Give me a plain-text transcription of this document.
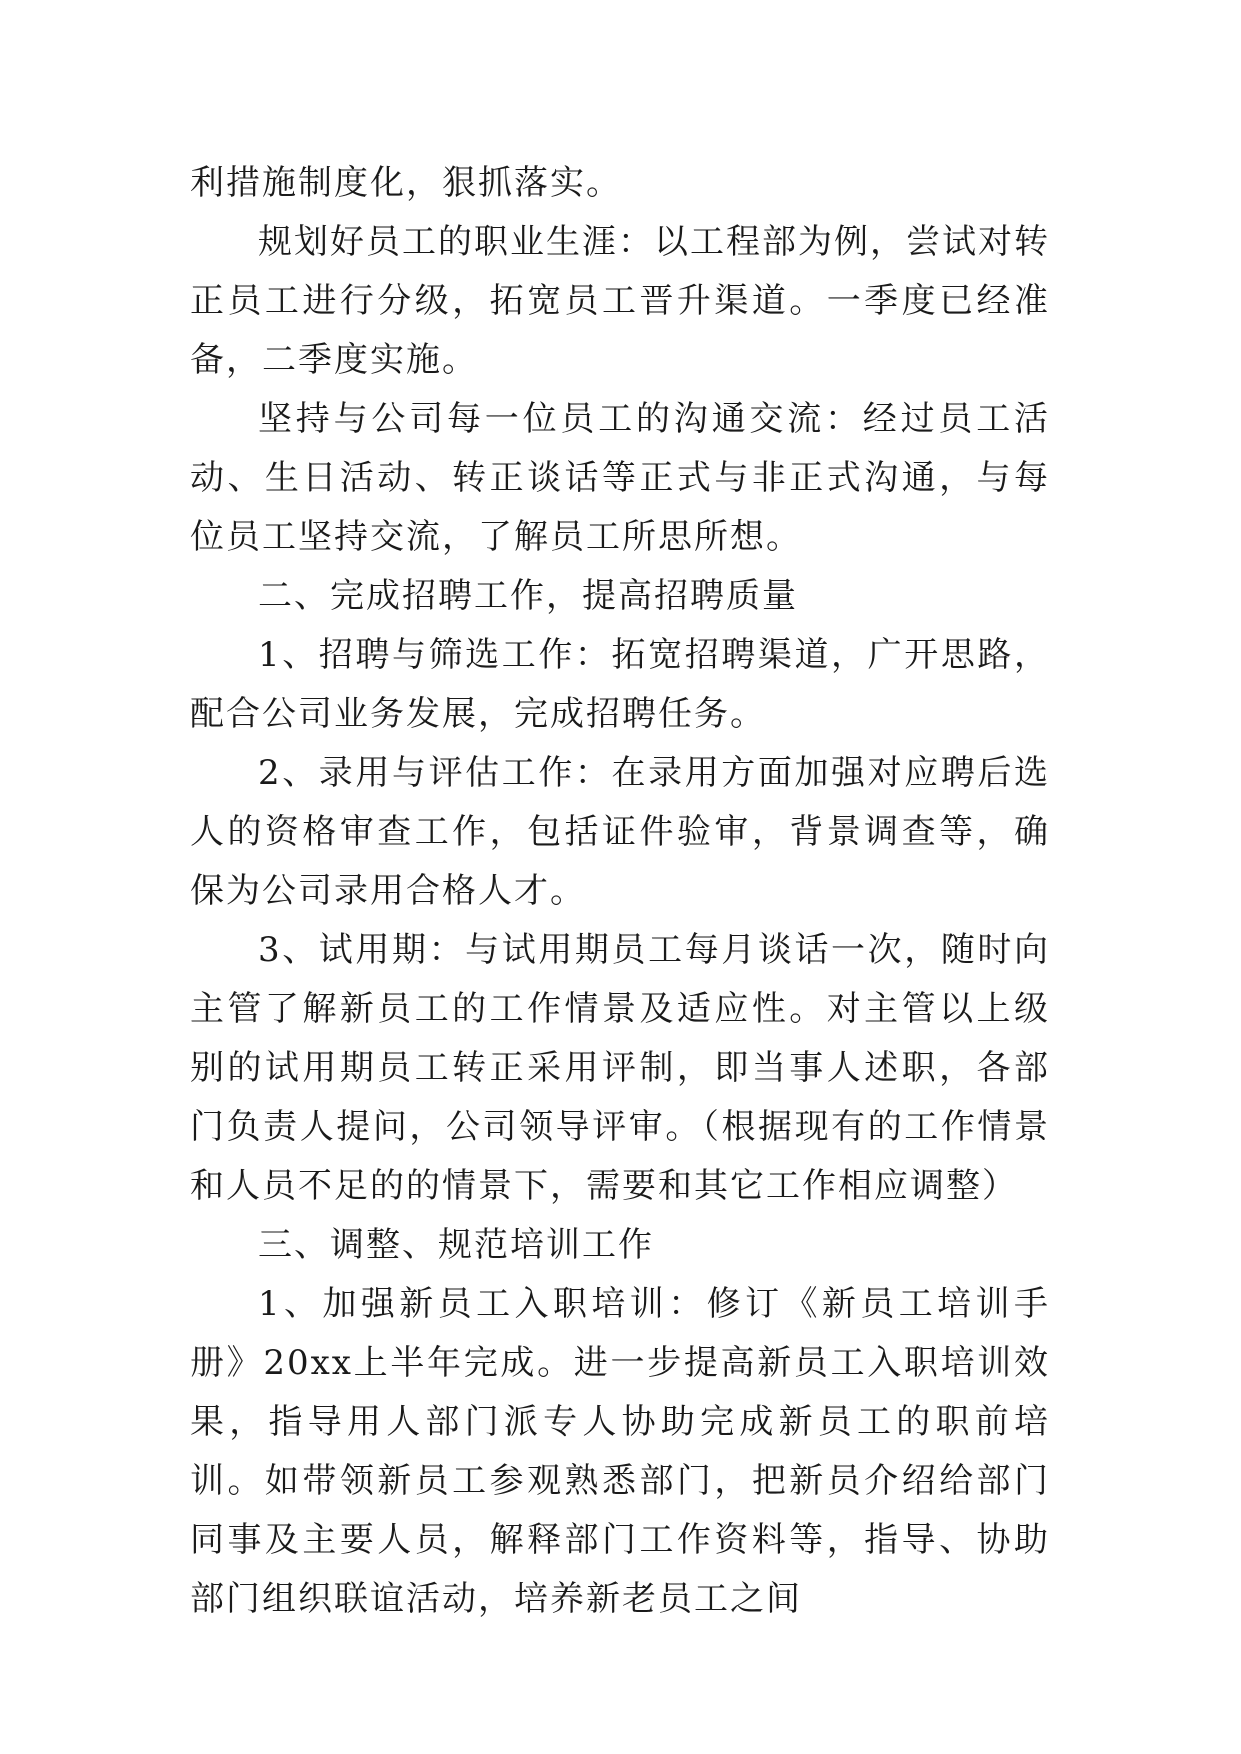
利措施制度化，狠抓落实。

规划好员工的职业生涯：以工程部为例，尝试对转正员工进行分级，拓宽员工晋升渠道。一季度已经准备，二季度实施。

坚持与公司每一位员工的沟通交流：经过员工活动、生日活动、转正谈话等正式与非正式沟通，与每位员工坚持交流，了解员工所思所想。

二、完成招聘工作，提高招聘质量

1、招聘与筛选工作：拓宽招聘渠道，广开思路，配合公司业务发展，完成招聘任务。

2、录用与评估工作：在录用方面加强对应聘后选人的资格审查工作，包括证件验审，背景调查等，确保为公司录用合格人才。

3、试用期：与试用期员工每月谈话一次，随时向主管了解新员工的工作情景及适应性。对主管以上级别的试用期员工转正采用评制，即当事人述职，各部门负责人提问，公司领导评审。（根据现有的工作情景和人员不足的的情景下，需要和其它工作相应调整）

三、调整、规范培训工作

1、加强新员工入职培训：修订《新员工培训手册》20xx上半年完成。进一步提高新员工入职培训效果，指导用人部门派专人协助完成新员工的职前培训。如带领新员工参观熟悉部门，把新员介绍给部门同事及主要人员，解释部门工作资料等，指导、协助部门组织联谊活动，培养新老员工之间
